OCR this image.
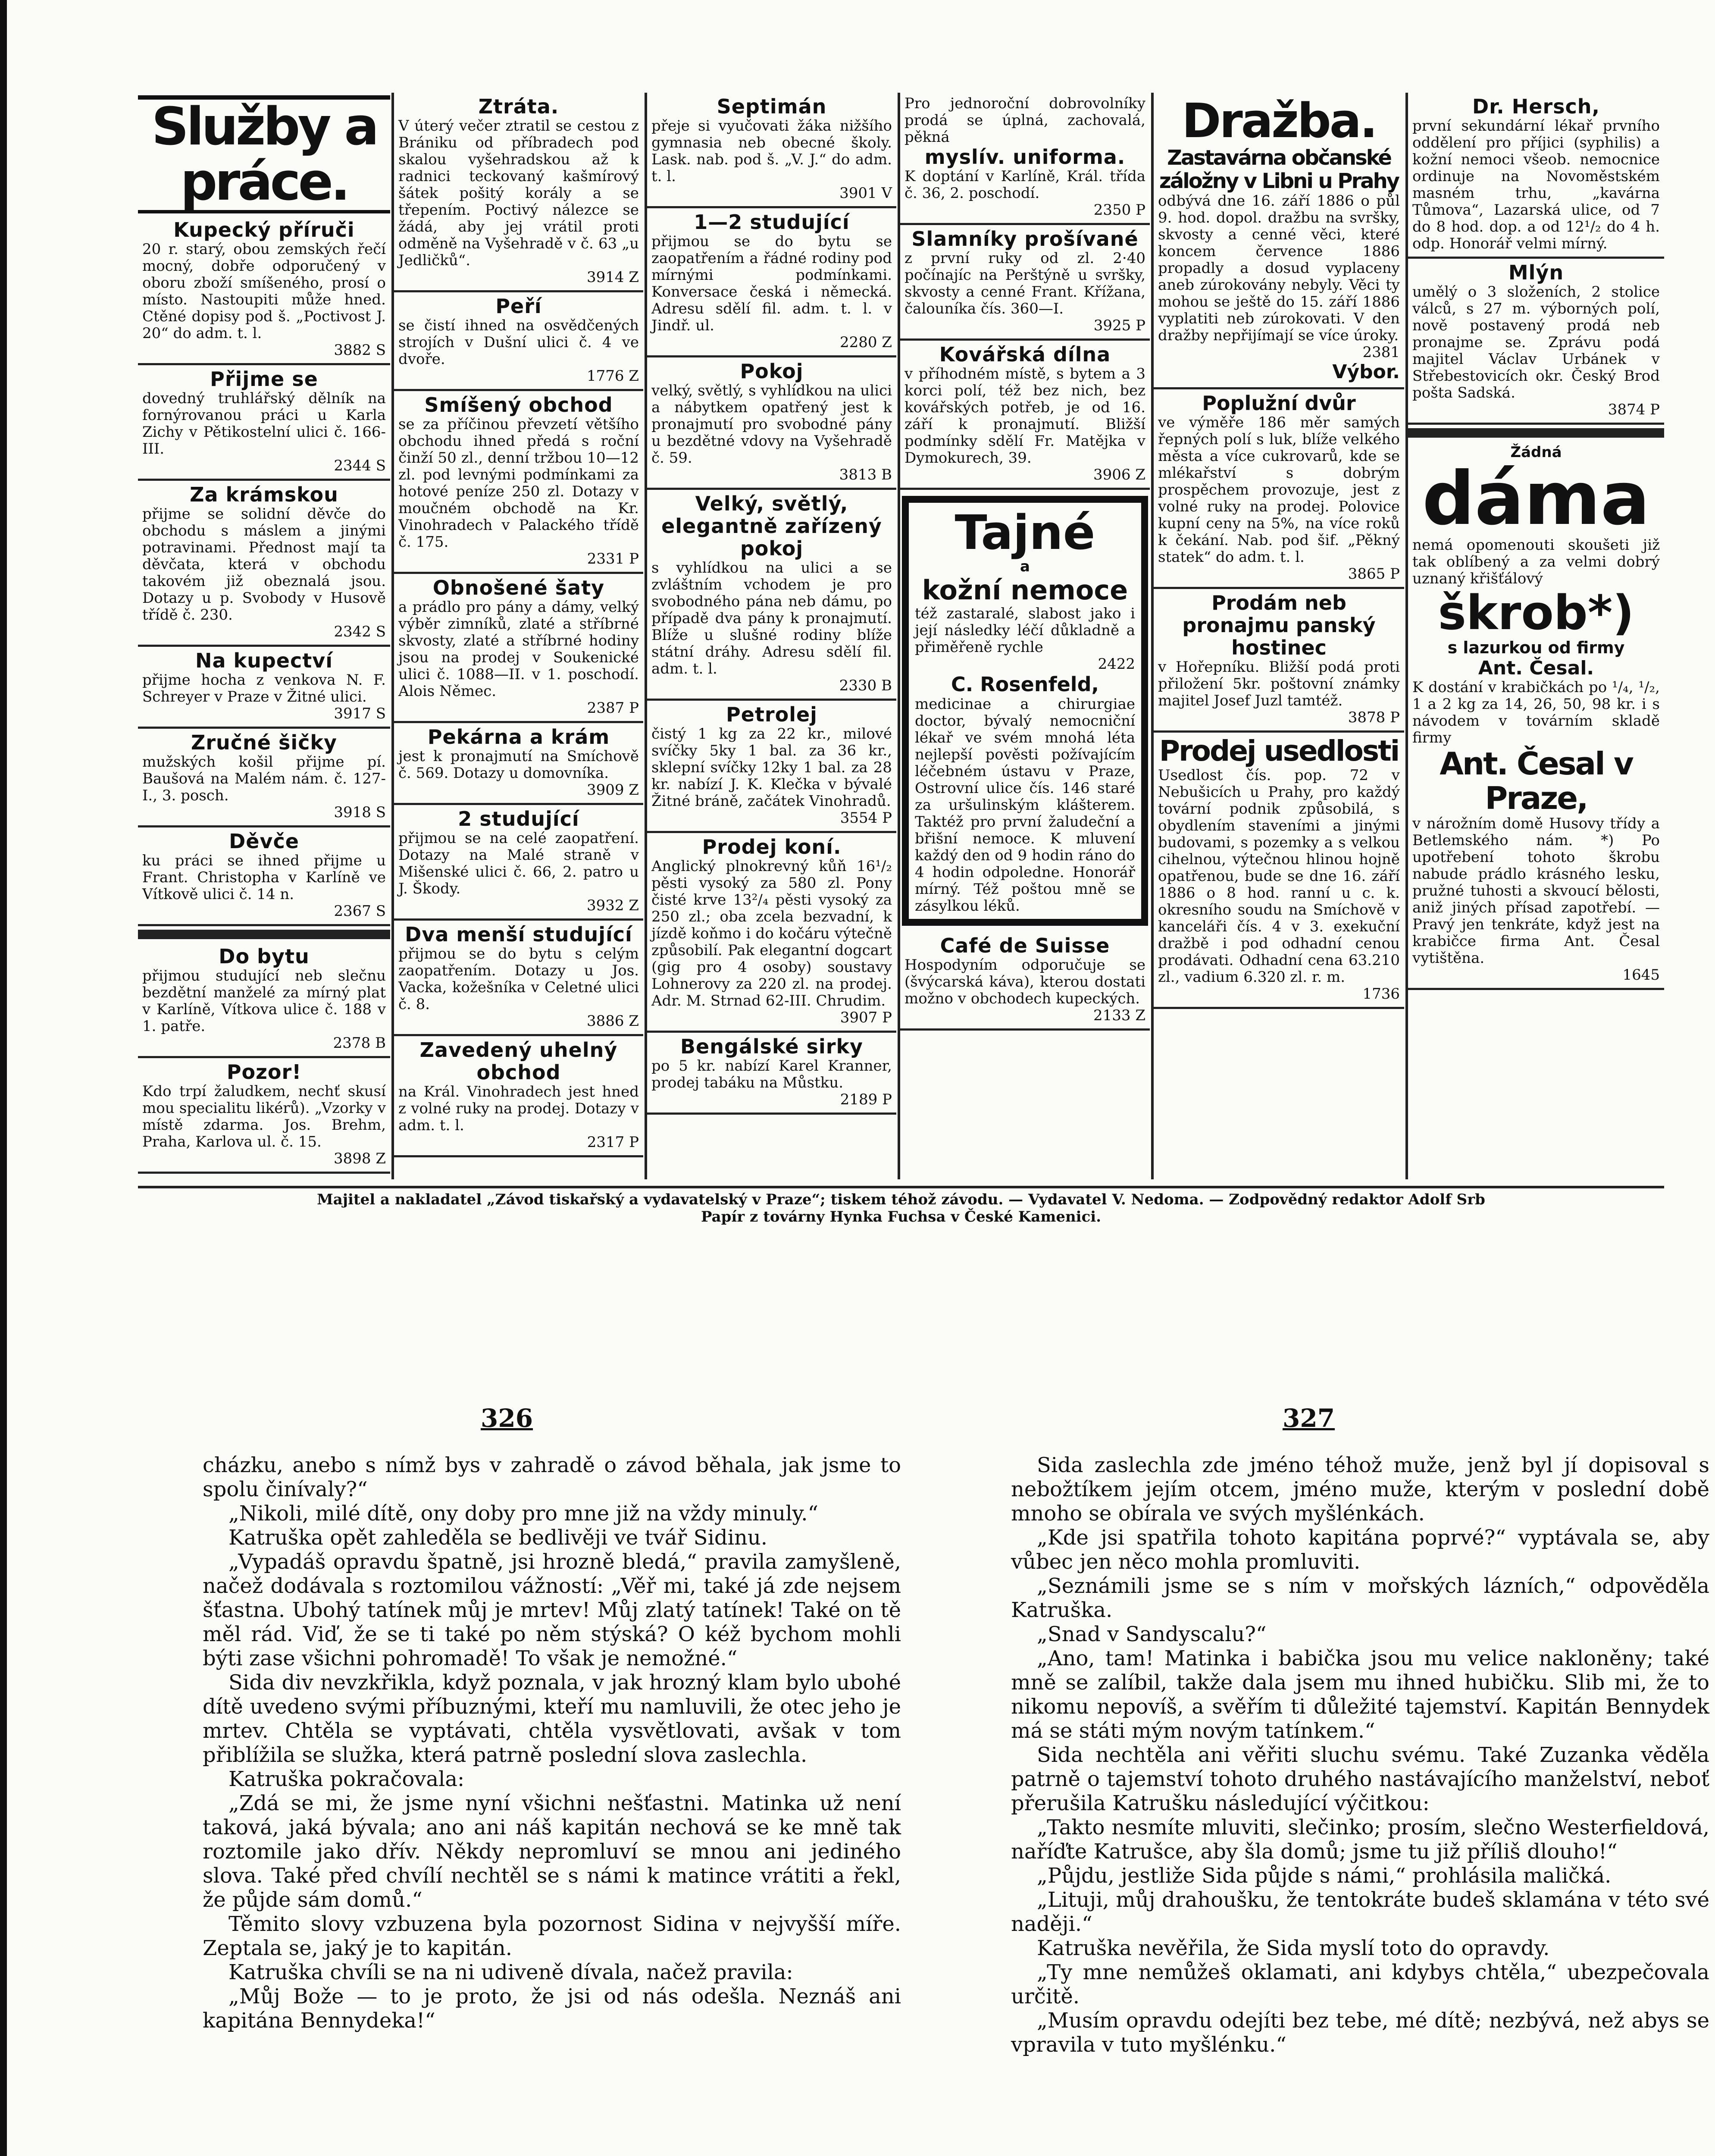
Služby a práce.
Kupecký příruči

20 r. starý, obou zemských řečí mocný, dobře odporučený v oboru zboží smíšeného, prosí o místo. Nastoupiti může hned. Ctěné dopisy pod š. „Poctivost J. 20“ do adm. t. l.

3882 S
Přijme se

dovedný truhlářský dělník na fornýrovanou práci u Karla Zichy v Pětikostelní ulici č. 166-III.

2344 S
Za krámskou

přijme se solidní děvče do obchodu s máslem a jinými potravinami. Přednost mají ta děvčata, která v obchodu takovém již obeznalá jsou. Dotazy u p. Svobody v Husově třídě č. 230.

2342 S
Na kupectví

přijme hocha z venkova N. F. Schreyer v Praze v Žitné ulici.

3917 S
Zručné šičky

mužských košil přijme pí. Baušová na Malém nám. č. 127-I., 3. posch.

3918 S
Děvče

ku práci se ihned přijme u Frant. Christopha v Karlíně ve Vítkově ulici č. 14 n.

2367 S
Do bytu

přijmou studující neb slečnu bezdětní manželé za mírný plat v Karlíně, Vítkova ulice č. 188 v 1. patře.

2378 B
Pozor!

Kdo trpí žaludkem, nechť skusí mou specialitu likérů). „Vzorky v místě zdarma. Jos. Brehm, Praha, Karlova ul. č. 15.

3898 Z
Ztráta.

V úterý večer ztratil se cestou z Brániku od příbradech pod skalou vyšehradskou až k radnici teckovaný kašmírový šátek pošitý korály a se třepením. Poctivý nálezce se žádá, aby jej vrátil proti odměně na Vyšehradě v č. 63 „u Jedličků“.

3914 Z
Peří

se čistí ihned na osvědčených strojích v Dušní ulici č. 4 ve dvoře.

1776 Z
Smíšený obchod

se za příčinou převzetí většího obchodu ihned předá s roční činží 50 zl., denní tržbou 10—12 zl. pod levnými podmínkami za hotové peníze 250 zl. Dotazy v moučném obchodě na Kr. Vinohradech v Palackého třídě č. 175.

2331 P
Obnošené šaty

a prádlo pro pány a dámy, velký výběr zimníků, zlaté a stříbrné skvosty, zlaté a stříbrné hodiny jsou na prodej v Soukenické ulici č. 1088—II. v 1. poschodí. Alois Němec.

2387 P
Pekárna a krám

jest k pronajmutí na Smíchově č. 569. Dotazy u domovníka.

3909 Z
2 studující

přijmou se na celé zaopatření. Dotazy na Malé straně v Mišenské ulici č. 66, 2. patro u J. Škody.

3932 Z
Dva menší studující

přijmou se do bytu s celým zaopatřením. Dotazy u Jos. Vacka, kožešníka v Celetné ulici č. 8.

3886 Z
Zavedený uhelný obchod

na Král. Vinohradech jest hned z volné ruky na prodej. Dotazy v adm. t. l.

2317 P
Septimán

přeje si vyučovati žáka nižšího gymnasia neb obecné školy. Lask. nab. pod š. „V. J.“ do adm. t. l.

3901 V
1—2 studující

přijmou se do bytu se zaopatřením a řádné rodiny pod mírnými podmínkami. Konversace česká i německá. Adresu sdělí fil. adm. t. l. v Jindř. ul.

2280 Z
Pokoj

velký, světlý, s vyhlídkou na ulici a nábytkem opatřený jest k pronajmutí pro svobodné pány u bezdětné vdovy na Vyšehradě č. 59.

3813 B
Velký, světlý, elegantně zařízený pokoj

s vyhlídkou na ulici a se zvláštním vchodem je pro svobodného pána neb dámu, po případě dva pány k pronajmutí. Blíže u slušné rodiny blíže státní dráhy. Adresu sdělí fil. adm. t. l.

2330 B
Petrolej

čistý 1 kg za 22 kr., milové svíčky 5ky 1 bal. za 36 kr., sklepní svíčky 12ky 1 bal. za 28 kr. nabízí J. K. Klečka v bývalé Žitné bráně, začátek Vinohradů.

3554 P
Prodej koní.

Anglický plnokrevný kůň 16¹/₂ pěsti vysoký za 580 zl. Pony čisté krve 13²/₄ pěsti vysoký za 250 zl.; oba zcela bezvadní, k jízdě koňmo i do kočáru výtečně způsobilí. Pak elegantní dogcart (gig pro 4 osoby) soustavy Lohnerovy za 220 zl. na prodej. Adr. M. Strnad 62-III. Chrudim.

3907 P
Bengálské sirky

po 5 kr. nabízí Karel Kranner, prodej tabáku na Můstku.

2189 P

Pro jednoroční dobrovolníky prodá se úplná, zachovalá, pěkná

myslív. uniforma.

K doptání v Karlíně, Král. třída č. 36, 2. poschodí.

2350 P
Slamníky prošívané

z první ruky od zl. 2·40 počínajíc na Perštýně u svršky, skvosty a cenné Frant. Křížana, čalouníka čís. 360—I.

3925 P
Kovářská dílna

v příhodném místě, s bytem a 3 korci polí, též bez nich, bez kovářských potřeb, je od 16. září k pronajmutí. Bližší podmínky sdělí Fr. Matějka v Dymokurech, 39.

3906 Z
Tajné
a
kožní nemoce

též zastaralé, slabost jako i její následky léčí důkladně a přiměřeně rychle

2422
C. Rosenfeld,

medicinae a chirurgiae doctor, bývalý nemocniční lékař ve svém mnohá léta nejlepší pověsti požívajícím léčebném ústavu v Praze, Ostrovní ulice čís. 146 staré za uršulinským klášterem. Taktéž pro první žaludeční a břišní nemoce. K mluvení každý den od 9 hodin ráno do 4 hodin odpoledne. Honorář mírný. Též poštou mně se zásylkou léků.

Café de Suisse

Hospodyním odporučuje se (švýcarská káva), kterou dostati možno v obchodech kupeckých.

2133 Z
Dražba.
Zastavárna občanské záložny v Libni u Prahy

odbývá dne 16. září 1886 o půl 9. hod. dopol. dražbu na svršky, skvosty a cenné věci, které koncem července 1886 propadly a dosud vyplaceny aneb zúrokovány nebyly. Věci ty mohou se ještě do 15. září 1886 vyplatiti neb zúrokovati. V den dražby nepřijímají se více úroky.

2381
Výbor.
Poplužní dvůr

ve výměře 186 měr samých řepných polí s luk, blíže velkého města a více cukrovarů, kde se mlékařství s dobrým prospěchem provozuje, jest z volné ruky na prodej. Polovice kupní ceny na 5%, na více roků k čekání. Nab. pod šif. „Pěkný statek“ do adm. t. l.

3865 P
Prodám neb pronajmu panský hostinec

v Hořepníku. Bližší podá proti přiložení 5kr. poštovní známky majitel Josef Juzl tamtéž.

3878 P
Prodej usedlosti

Usedlost čís. pop. 72 v Nebušicích u Prahy, pro každý tovární podnik způsobilá, s obydlením staveními a jinými budovami, s pozemky a s velkou cihelnou, výtečnou hlinou hojně opatřenou, bude se dne 16. září 1886 o 8 hod. ranní u c. k. okresního soudu na Smíchově v kanceláři čís. 4 v 3. exekuční dražbě i pod odhadní cenou prodávati. Odhadní cena 63.210 zl., vadium 6.320 zl. r. m.

1736
Dr. Hersch,

první sekundární lékař prvního oddělení pro příjici (syphilis) a kožní nemoci všeob. nemocnice ordinuje na Novoměstském masném trhu, „kavárna Tůmova“, Lazarská ulice, od 7 do 8 hod. dop. a od 12¹/₂ do 4 h. odp. Honorář velmi mírný.

Mlýn

umělý o 3 složeních, 2 stolice válců, s 27 m. výborných polí, nově postavený prodá neb pronajme se. Zprávu podá majitel Václav Urbánek v Střebestovicích okr. Český Brod pošta Sadská.

3874 P
Žádná
dáma

nemá opomenouti skoušeti již tak oblíbený a za velmi dobrý uznaný křišťálový

škrob*)
s lazurkou od firmy
Ant. Česal.

K dostání v krabičkách po ¹/₄, ¹/₂, 1 a 2 kg za 14, 26, 50, 98 kr. i s návodem v továrním skladě firmy

Ant. Česal v Praze,

v nárožním domě Husovy třídy a Betlemského nám. *) Po upotřebení tohoto škrobu nabude prádlo krásného lesku, pružné tuhosti a skvoucí bělosti, aniž jiných přísad zapotřebí. — Pravý jen tenkráte, když jest na krabičce firma Ant. Česal vytištěna.

1645
Majitel a nakladatel „Závod tiskařský a vydavatelský v Praze“; tiskem téhož závodu. — Vydavatel V. Nedoma. — Zodpovědný redaktor Adolf Srb
Papír z továrny Hynka Fuchsa v České Kamenici.
326	327

cházku, anebo s nímž bys v zahradě o závod běhala, jak jsme to spolu činívaly?“

„Nikoli, milé dítě, ony doby pro mne již na vždy minuly.“

Katruška opět zahleděla se bedlivěji ve tvář Sidinu.

„Vypadáš opravdu špatně, jsi hrozně bledá,“ pravila zamyšleně, načež dodávala s roztomilou vážností: „Věř mi, také já zde nejsem šťastna. Ubohý tatínek můj je mrtev! Můj zlatý tatínek! Také on tě měl rád. Viď, že se ti také po něm stýská? O kéž bychom mohli býti zase všichni pohromadě! To však je nemožné.“

Sida div nevzkřikla, když poznala, v jak hrozný klam bylo ubohé dítě uvedeno svými příbuznými, kteří mu namluvili, že otec jeho je mrtev. Chtěla se vyptávati, chtěla vysvětlovati, avšak v tom přiblížila se služka, která patrně poslední slova zaslechla.

Katruška pokračovala:

„Zdá se mi, že jsme nyní všichni nešťastni. Matinka už není taková, jaká bývala; ano ani náš kapitán nechová se ke mně tak roztomile jako dřív. Někdy nepromluví se mnou ani jediného slova. Také před chvílí nechtěl se s námi k matince vrátiti a řekl, že půjde sám domů.“

Těmito slovy vzbuzena byla pozornost Sidina v nejvyšší míře. Zeptala se, jaký je to kapitán.

Katruška chvíli se na ni udiveně dívala, načež pravila:

„Můj Bože — to je proto, že jsi od nás odešla. Neznáš ani kapitána Bennydeka!“

Sida zaslechla zde jméno téhož muže, jenž byl jí dopisoval s nebožtíkem jejím otcem, jméno muže, kterým v poslední době mnoho se obírala ve svých myšlénkách.

„Kde jsi spatřila tohoto kapitána poprvé?“ vyptávala se, aby vůbec jen něco mohla promluviti.

„Seznámili jsme se s ním v mořských lázních,“ odpověděla Katruška.

„Snad v Sandyscalu?“

„Ano, tam! Matinka i babička jsou mu velice nakloněny; také mně se zalíbil, takže dala jsem mu ihned hubičku. Slib mi, že to nikomu nepovíš, a svěřím ti důležité tajemství. Kapitán Bennydek má se státi mým novým tatínkem.“

Sida nechtěla ani věřiti sluchu svému. Také Zuzanka věděla patrně o tajemství tohoto druhého nastávajícího manželství, neboť přerušila Katrušku následující výčitkou:

„Takto nesmíte mluviti, slečinko; prosím, slečno Westerfieldová, naříďte Katrušce, aby šla domů; jsme tu již příliš dlouho!“

„Půjdu, jestliže Sida půjde s námi,“ prohlásila maličká.

„Lituji, můj drahoušku, že tentokráte budeš sklamána v této své naději.“

Katruška nevěřila, že Sida myslí toto do opravdy.

„Ty mne nemůžeš oklamati, ani kdybys chtěla,“ ubezpečovala určitě.

„Musím opravdu odejíti bez tebe, mé dítě; nezbývá, než abys se vpravila v tuto myšlénku.“
